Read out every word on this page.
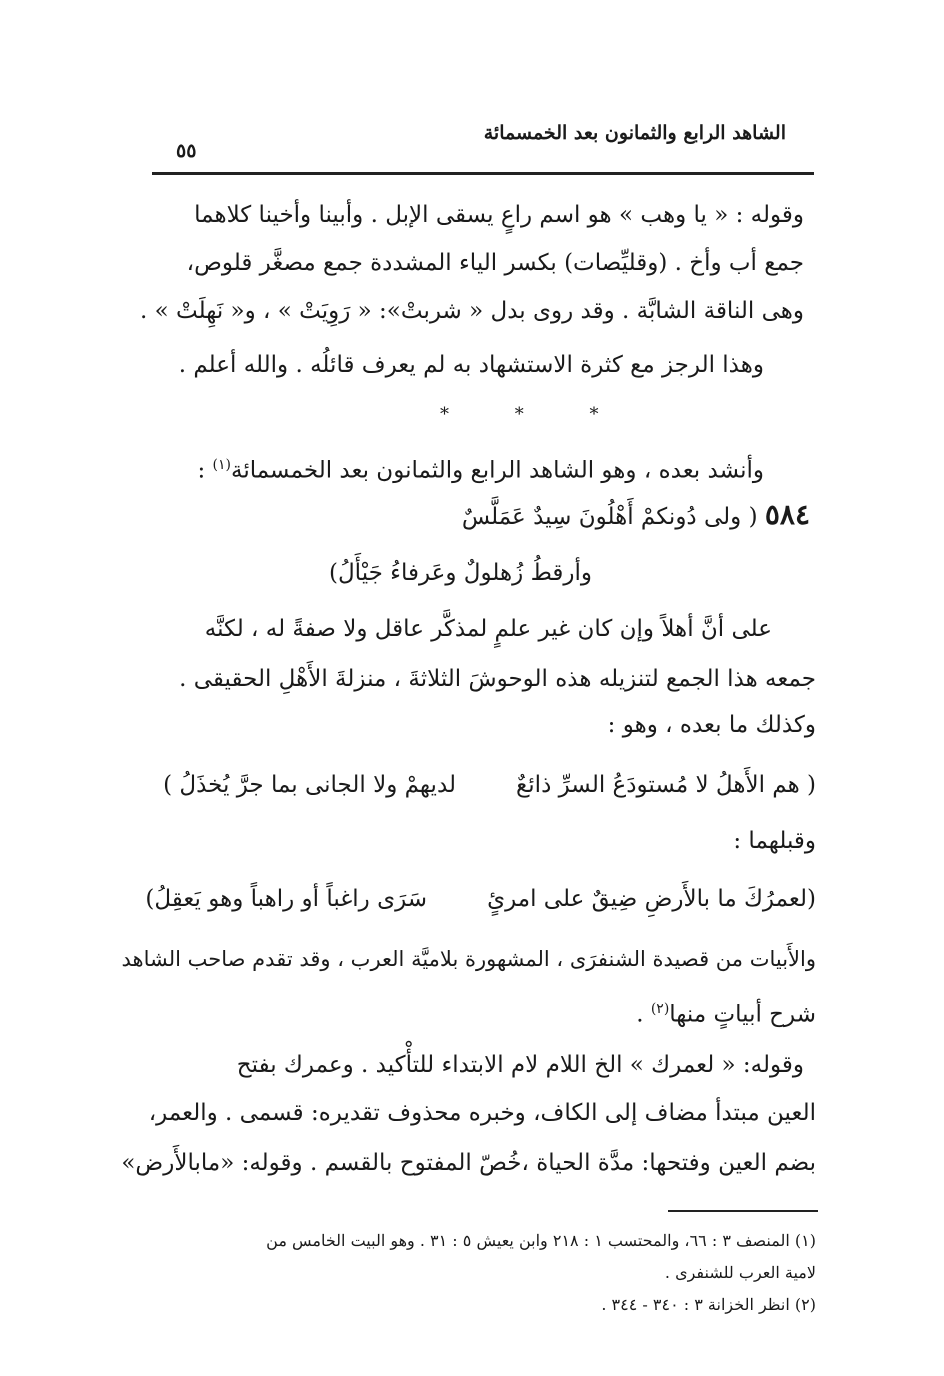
الشاهد الرابع والثمانون بعد الخمسمائة
٥٥
وقوله : « يا وهب » هو اسم راعٍ يسقى الإبل . وأبينا وأخينا كلاهما
جمع أب وأخ . (وقليِّصات) بكسر الياء المشددة جمع مصغَّر قلوص،
وهى الناقة الشابَّة . وقد روى بدل « شربتْ»: « رَوِيَتْ » ، و« نَهِلَتْ » .
وهذا الرجز مع كثرة الاستشهاد به لم يعرف قائلُه . والله أعلم .
* * *
وأنشد بعده ، وهو الشاهد الرابع والثمانون بعد الخمسمائة$^{(١)}$ :
٥٨٤ ( ولى دُونكمْ أَهْلُونَ سِيدٌ عَمَلَّسٌ
وأرقطُ زُهلولٌ وعَرفاءُ جَيْأَلُ)
على أنَّ أهلاً وإن كان غير علمٍ لمذكَّر عاقل ولا صفةً له ، لكنَّه
جمعه هذا الجمع لتنزيله هذه الوحوشَ الثلاثةَ ، منزلةَ الأَهْلِ الحقيقى .
وكذلك ما بعده ، وهو :
( هم الأَهلُ لا مُستودَعُ السرِّ ذائعٌلديهمْ ولا الجانى بما جرَّ يُخذَلُ )
وقبلهما :
(لعمرُكَ ما بالأَرضِ ضِيقٌ على امرئٍسَرَى راغباً أو راهباً وهو يَعقِلُ)
والأَبيات من قصيدة الشنفرَى ، المشهورة بلاميَّة العرب ، وقد تقدم صاحب الشاهد
شرح أبياتٍ منها$^{(٢)}$ .
وقوله: « لعمرك » الخ اللام لام الابتداء للتأْكيد . وعمرك بفتح
العين مبتدأ مضاف إلى الكاف، وخبره محذوف تقديره: قسمى . والعمر،
بضم العين وفتحها: مدَّة الحياة ،خُصّ المفتوح بالقسم . وقوله: «مابالأَرض»
(١) المنصف ٣ : ٦٦، والمحتسب ١ : ٢١٨ وابن يعيش ٥ : ٣١ . وهو البيت الخامس من
لامية العرب للشنفرى .
(٢) انظر الخزانة ٣ : ٣٤٠ - ٣٤٤ .
